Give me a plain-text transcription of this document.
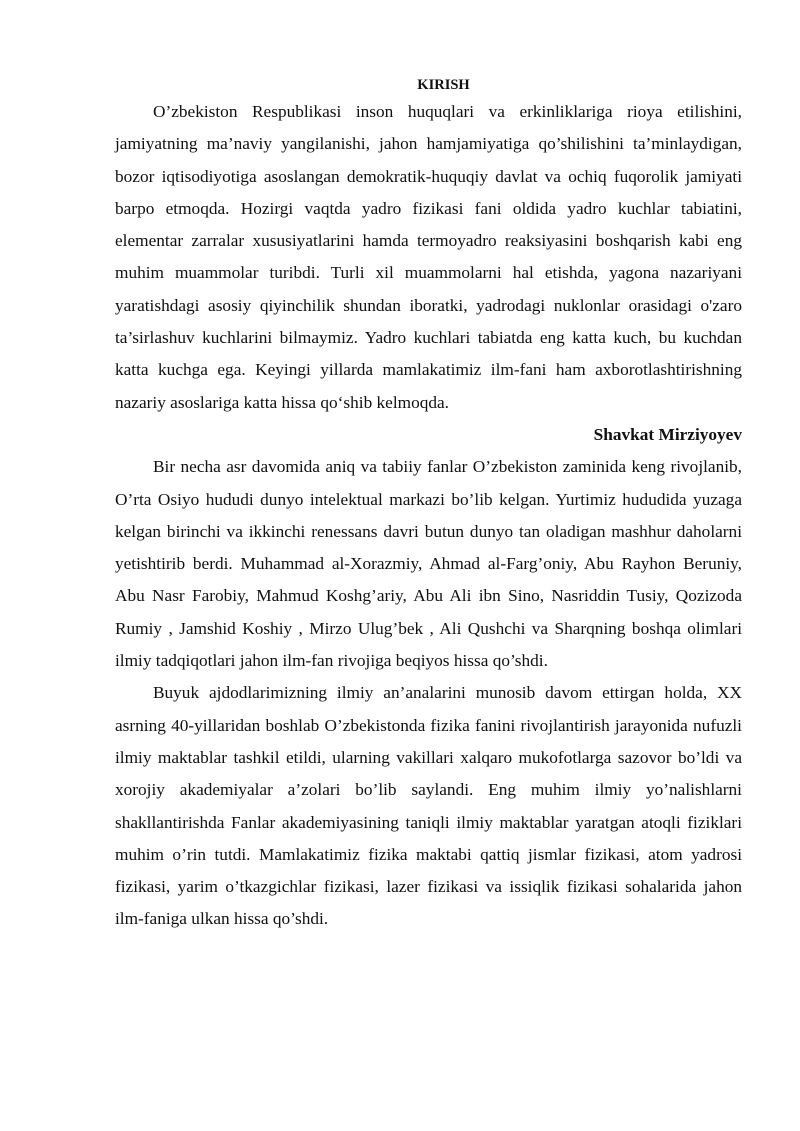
KIRISH

O’zbekiston Respublikasi inson huquqlari va erkinliklariga rioya etilishini, jamiyatning ma’naviy yangilanishi, jahon hamjamiyatiga qo’shilishini ta’minlaydigan, bozor iqtisodiyotiga asoslangan demokratik-huquqiy davlat va ochiq fuqorolik jamiyati barpo etmoqda. Hozirgi vaqtda yadro fizikasi fani oldida yadro kuchlar tabiatini, elementar zarralar xususiyatlarini hamda termoyadro reaksiyasini boshqarish kabi eng muhim muammolar turibdi. Turli xil muammolarni hal etishda, yagona nazariyani yaratishdagi asosiy qiyinchilik shundan iboratki, yadrodagi nuklonlar orasidagi o'zaro ta’sirlashuv kuchlarini bilmaymiz. Yadro kuchlari tabiatda eng katta kuch, bu kuchdan katta kuchga ega. Keyingi yillarda mamlakatimiz ilm-fani ham axborotlashtirishning nazariy asoslariga katta hissa qo‘shib kelmoqda.

Shavkat Mirziyoyev

Bir necha asr davomida aniq va tabiiy fanlar O’zbekiston zaminida keng rivojlanib, O’rta Osiyo hududi dunyo intelektual markazi bo’lib kelgan. Yurtimiz hududida yuzaga kelgan birinchi va ikkinchi renessans davri butun dunyo tan oladigan mashhur daholarni yetishtirib berdi. Muhammad al-Xorazmiy, Ahmad al-Farg’oniy, Abu Rayhon Beruniy, Abu Nasr Farobiy, Mahmud Koshg’ariy, Abu Ali ibn Sino, Nasriddin Tusiy, Qozizoda Rumiy , Jamshid Koshiy , Mirzo Ulug’bek , Ali Qushchi va Sharqning boshqa olimlari ilmiy tadqiqotlari jahon ilm-fan rivojiga beqiyos hissa qo’shdi.

Buyuk ajdodlarimizning ilmiy an’analarini munosib davom ettirgan holda, XX asrning 40-yillaridan boshlab O’zbekistonda fizika fanini rivojlantirish jarayonida nufuzli ilmiy maktablar tashkil etildi, ularning vakillari xalqaro mukofotlarga sazovor bo’ldi va xorojiy akademiyalar a’zolari bo’lib saylandi. Eng muhim ilmiy yo’nalishlarni shakllantirishda Fanlar akademiyasining taniqli ilmiy maktablar yaratgan atoqli fiziklari muhim o’rin tutdi. Mamlakatimiz fizika maktabi qattiq jismlar fizikasi, atom yadrosi fizikasi, yarim o’tkazgichlar fizikasi, lazer fizikasi va issiqlik fizikasi sohalarida jahon ilm-faniga ulkan hissa qo’shdi.
